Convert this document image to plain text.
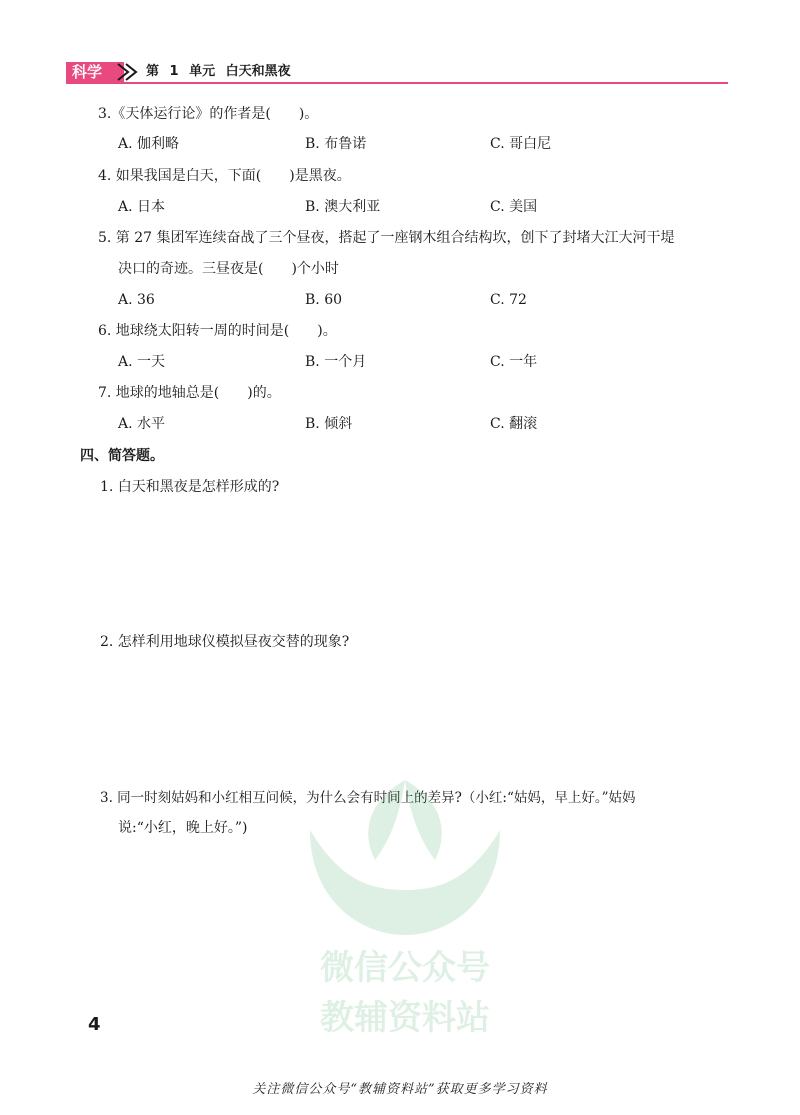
科学	第 1 单元 白天和黑夜
3.《天体运行论》的作者是(　　)。
A. 伽利略	B. 布鲁诺	C. 哥白尼
4. 如果我国是白天，下面(　　)是黑夜。
A. 日本	B. 澳大利亚	C. 美国
5. 第 27 集团军连续奋战了三个昼夜，搭起了一座钢木组合结构坎，创下了封堵大江大河干堤
决口的奇迹。三昼夜是(　　)个小时
A. 36	B. 60	C. 72
6. 地球绕太阳转一周的时间是(　　)。
A. 一天	B. 一个月	C. 一年
7. 地球的地轴总是(　　)的。
A. 水平	B. 倾斜	C. 翻滚
四、简答题。
1. 白天和黑夜是怎样形成的?
2. 怎样利用地球仪模拟昼夜交替的现象?
3. 同一时刻姑妈和小红相互问候，为什么会有时间上的差异?（小红:“姑妈，早上好。”姑妈
说:“小红，晚上好。”)
微信公众号
教辅资料站
4
关注微信公众号“教辅资料站”获取更多学习资料
